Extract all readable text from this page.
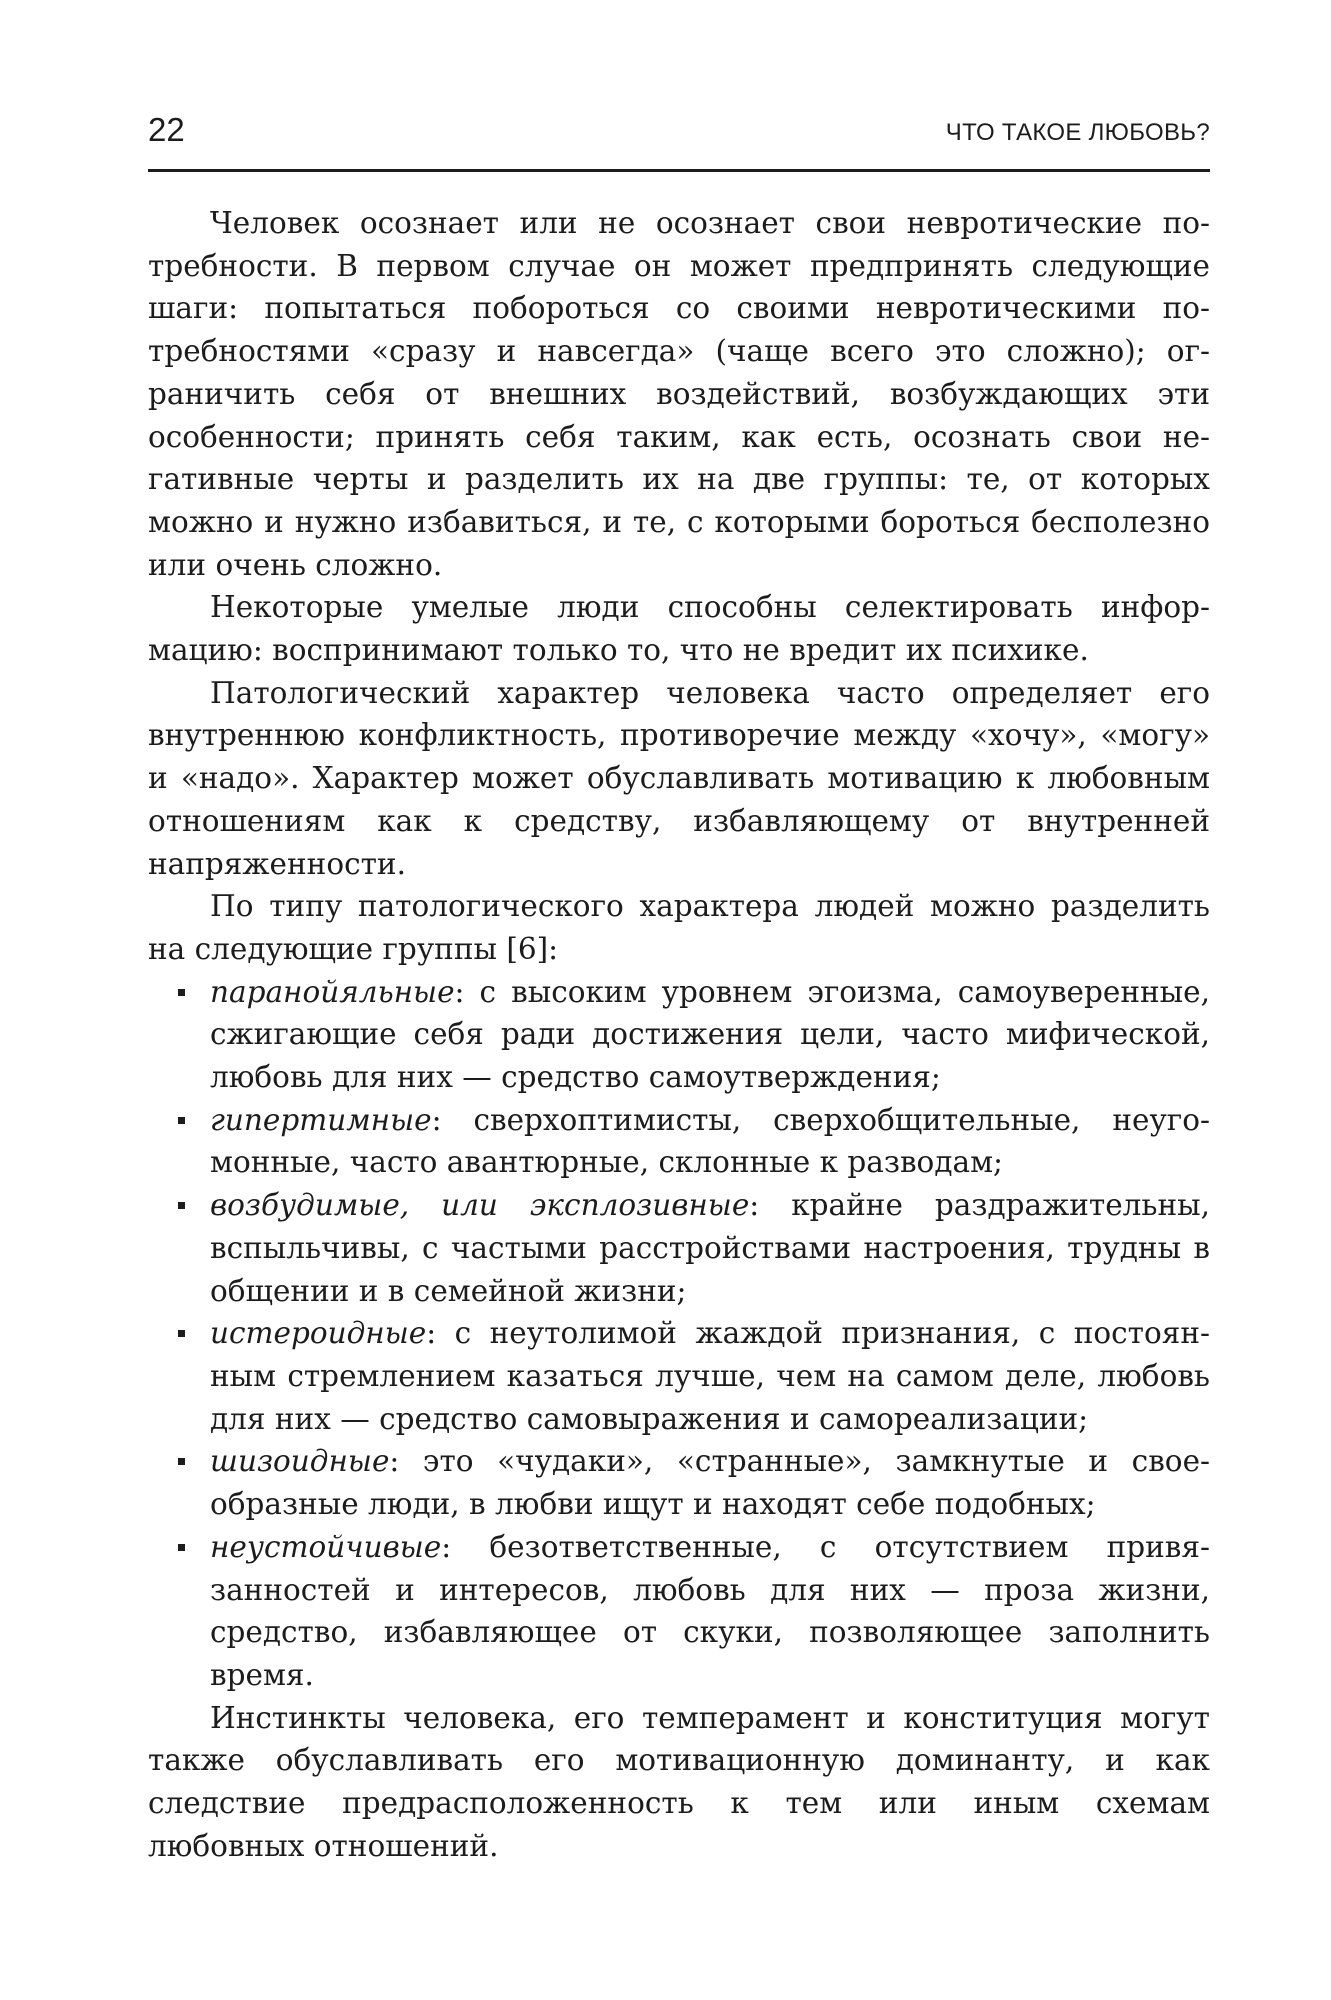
22	ЧТО ТАКОЕ ЛЮБОВЬ?

Человек осознает или не осознает свои невротические потребности. В первом случае он может предпринять следующие шаги: попытаться побороться со своими невротическими потребностями «сразу и навсегда» (чаще всего это сложно); ограничить себя от внешних воздействий, возбуждающих эти особенности; принять себя таким, как есть, осознать свои негативные черты и разделить их на две группы: те, от которых можно и нужно избавиться, и те, с которыми бороться бесполезно или очень сложно.

Некоторые умелые люди способны селектировать информацию: воспринимают только то, что не вредит их психике.

Патологический характер человека часто определяет его внутреннюю конфликтность, противоречие между «хочу», «могу» и «надо». Характер может обуславливать мотивацию к любовным отношениям как к средству, избавляющему от внутренней напряженности.

По типу патологического характера людей можно разделить на следующие группы [6]:

паранойяльные: с высоким уровнем эгоизма, самоуверенные, сжигающие себя ради достижения цели, часто мифической, любовь для них — средство самоутверждения;
гипертимные: сверхоптимисты, сверхобщительные, неугомонные, часто авантюрные, склонные к разводам;
возбудимые, или эксплозивные: крайне раздражительны, вспыльчивы, с частыми расстройствами настроения, трудны в общении и в семейной жизни;
истероидные: с неутолимой жаждой признания, с постоянным стремлением казаться лучше, чем на самом деле, любовь для них — средство самовыражения и самореализации;
шизоидные: это «чудаки», «странные», замкнутые и своеобразные люди, в любви ищут и находят себе подобных;
неустойчивые: безответственные, с отсутствием привязанностей и интересов, любовь для них — проза жизни, средство, избавляющее от скуки, позволяющее заполнить время.

Инстинкты человека, его темперамент и конституция могут также обуславливать его мотивационную доминанту, и как следствие предрасположенность к тем или иным схемам любовных отношений.
